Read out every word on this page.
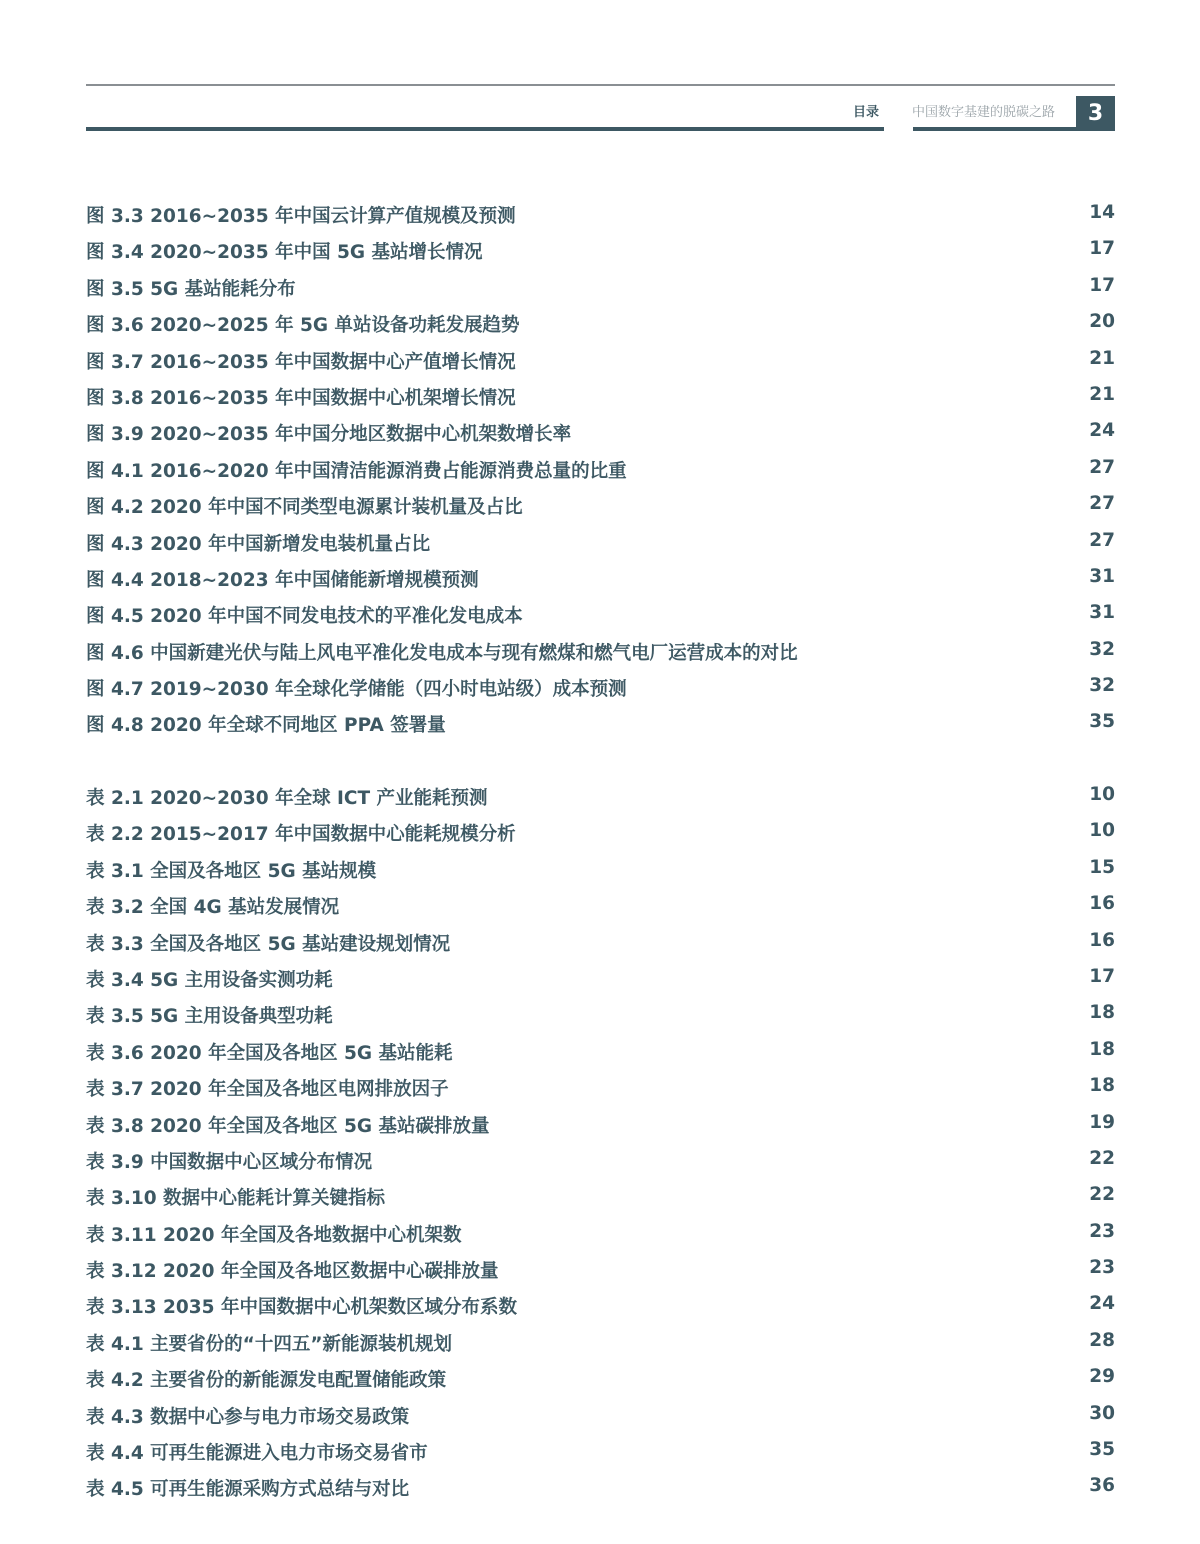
目录	中国数字基建的脱碳之路	3
图 3.3 2016~2035 年中国云计算产值规模及预测	14
图 3.4 2020~2035 年中国 5G 基站增长情况	17
图 3.5 5G 基站能耗分布	17
图 3.6 2020~2025 年 5G 单站设备功耗发展趋势	20
图 3.7 2016~2035 年中国数据中心产值增长情况	21
图 3.8 2016~2035 年中国数据中心机架增长情况	21
图 3.9 2020~2035 年中国分地区数据中心机架数增长率	24
图 4.1 2016~2020 年中国清洁能源消费占能源消费总量的比重	27
图 4.2 2020 年中国不同类型电源累计装机量及占比	27
图 4.3 2020 年中国新增发电装机量占比	27
图 4.4 2018~2023 年中国储能新增规模预测	31
图 4.5 2020 年中国不同发电技术的平准化发电成本	31
图 4.6 中国新建光伏与陆上风电平准化发电成本与现有燃煤和燃气电厂运营成本的对比	32
图 4.7 2019~2030 年全球化学储能（四小时电站级）成本预测	32
图 4.8 2020 年全球不同地区 PPA 签署量	35
表 2.1 2020~2030 年全球 ICT 产业能耗预测	10
表 2.2 2015~2017 年中国数据中心能耗规模分析	10
表 3.1 全国及各地区 5G 基站规模	15
表 3.2 全国 4G 基站发展情况	16
表 3.3 全国及各地区 5G 基站建设规划情况	16
表 3.4 5G 主用设备实测功耗	17
表 3.5 5G 主用设备典型功耗	18
表 3.6 2020 年全国及各地区 5G 基站能耗	18
表 3.7 2020 年全国及各地区电网排放因子	18
表 3.8 2020 年全国及各地区 5G 基站碳排放量	19
表 3.9 中国数据中心区域分布情况	22
表 3.10 数据中心能耗计算关键指标	22
表 3.11 2020 年全国及各地数据中心机架数	23
表 3.12 2020 年全国及各地区数据中心碳排放量	23
表 3.13 2035 年中国数据中心机架数区域分布系数	24
表 4.1 主要省份的“十四五”新能源装机规划	28
表 4.2 主要省份的新能源发电配置储能政策	29
表 4.3 数据中心参与电力市场交易政策	30
表 4.4 可再生能源进入电力市场交易省市	35
表 4.5 可再生能源采购方式总结与对比	36
